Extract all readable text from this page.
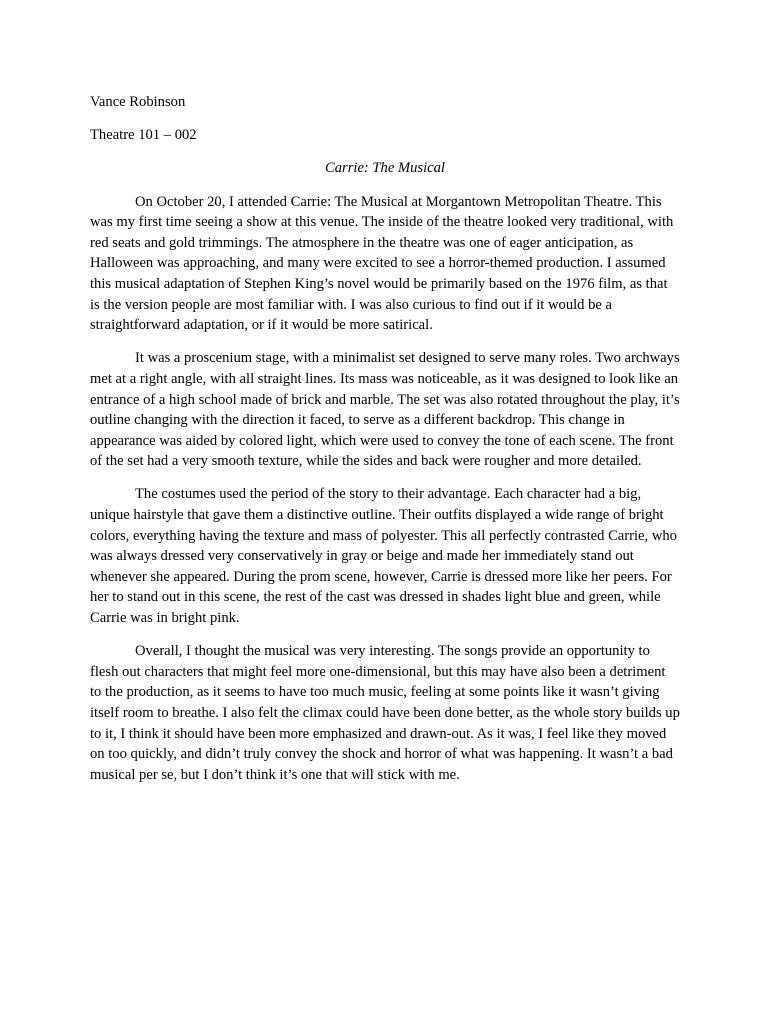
Vance Robinson

Theatre 101 – 002

Carrie: The Musical

On October 20, I attended Carrie: The Musical at Morgantown Metropolitan Theatre. This was my first time seeing a show at this venue. The inside of the theatre looked very traditional, with red seats and gold trimmings. The atmosphere in the theatre was one of eager anticipation, as Halloween was approaching, and many were excited to see a horror-themed production. I assumed this musical adaptation of Stephen King’s novel would be primarily based on the 1976 film, as that is the version people are most familiar with. I was also curious to find out if it would be a straightforward adaptation, or if it would be more satirical.

It was a proscenium stage, with a minimalist set designed to serve many roles. Two archways met at a right angle, with all straight lines. Its mass was noticeable, as it was designed to look like an entrance of a high school made of brick and marble. The set was also rotated throughout the play, it’s outline changing with the direction it faced, to serve as a different backdrop. This change in appearance was aided by colored light, which were used to convey the tone of each scene. The front of the set had a very smooth texture, while the sides and back were rougher and more detailed.

The costumes used the period of the story to their advantage. Each character had a big, unique hairstyle that gave them a distinctive outline. Their outfits displayed a wide range of bright colors, everything having the texture and mass of polyester. This all perfectly contrasted Carrie, who was always dressed very conservatively in gray or beige and made her immediately stand out whenever she appeared. During the prom scene, however, Carrie is dressed more like her peers. For her to stand out in this scene, the rest of the cast was dressed in shades light blue and green, while Carrie was in bright pink.

Overall, I thought the musical was very interesting. The songs provide an opportunity to flesh out characters that might feel more one-dimensional, but this may have also been a detriment to the production, as it seems to have too much music, feeling at some points like it wasn’t giving itself room to breathe. I also felt the climax could have been done better, as the whole story builds up to it, I think it should have been more emphasized and drawn-out. As it was, I feel like they moved on too quickly, and didn’t truly convey the shock and horror of what was happening. It wasn’t a bad musical per se, but I don’t think it’s one that will stick with me.
